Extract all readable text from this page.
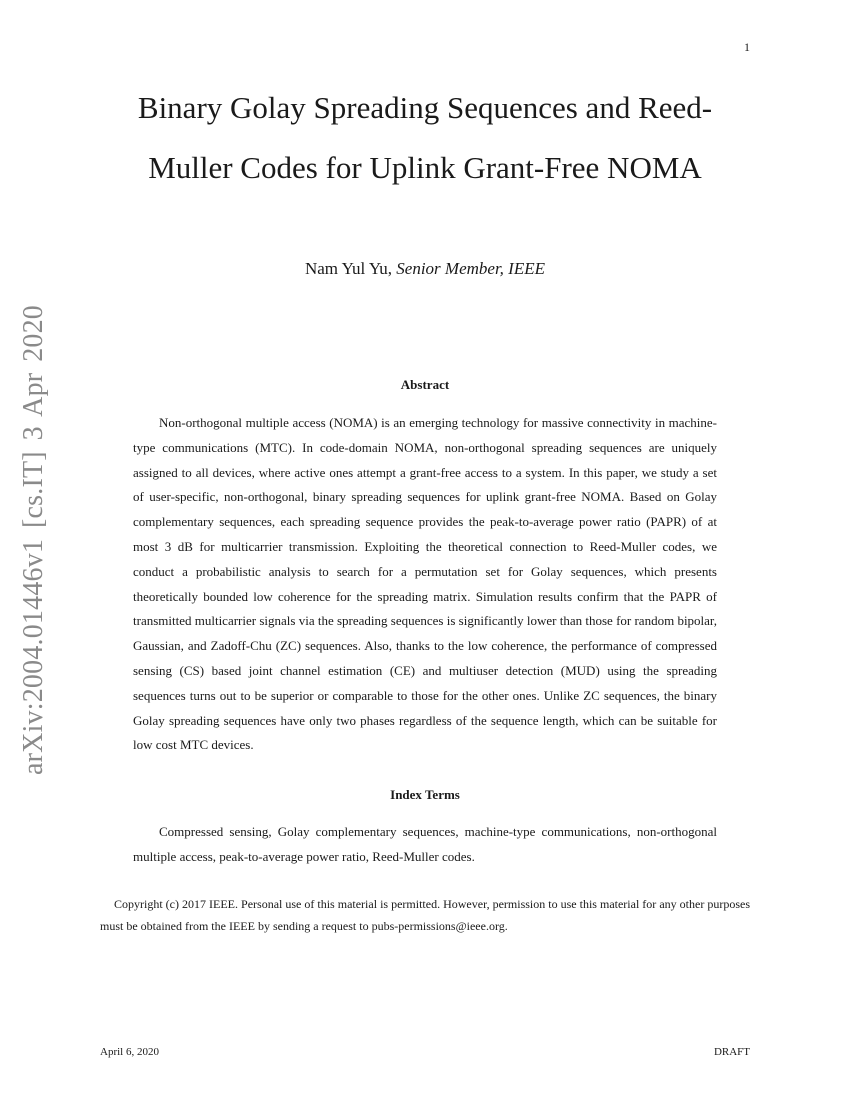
1
Binary Golay Spreading Sequences and Reed-Muller Codes for Uplink Grant-Free NOMA
Nam Yul Yu, Senior Member, IEEE
arXiv:2004.01446v1 [cs.IT] 3 Apr 2020	Abstract

Non-orthogonal multiple access (NOMA) is an emerging technology for massive connectivity in machine-type communications (MTC). In code-domain NOMA, non-orthogonal spreading sequences are uniquely assigned to all devices, where active ones attempt a grant-free access to a system. In this paper, we study a set of user-specific, non-orthogonal, binary spreading sequences for uplink grant-free NOMA. Based on Golay complementary sequences, each spreading sequence provides the peak-to-average power ratio (PAPR) of at most 3 dB for multicarrier transmission. Exploiting the theoretical connection to Reed-Muller codes, we conduct a probabilistic analysis to search for a permutation set for Golay sequences, which presents theoretically bounded low coherence for the spreading matrix. Simulation results confirm that the PAPR of transmitted multicarrier signals via the spreading sequences is significantly lower than those for random bipolar, Gaussian, and Zadoff-Chu (ZC) sequences. Also, thanks to the low coherence, the performance of compressed sensing (CS) based joint channel estimation (CE) and multiuser detection (MUD) using the spreading sequences turns out to be superior or comparable to those for the other ones. Unlike ZC sequences, the binary Golay spreading sequences have only two phases regardless of the sequence length, which can be suitable for low cost MTC devices.

Index Terms

Compressed sensing, Golay complementary sequences, machine-type communications, non-orthogonal multiple access, peak-to-average power ratio, Reed-Muller codes.

Copyright (c) 2017 IEEE. Personal use of this material is permitted. However, permission to use this material for any other purposes must be obtained from the IEEE by sending a request to pubs-permissions@ieee.org.

April 6, 2020	DRAFT
